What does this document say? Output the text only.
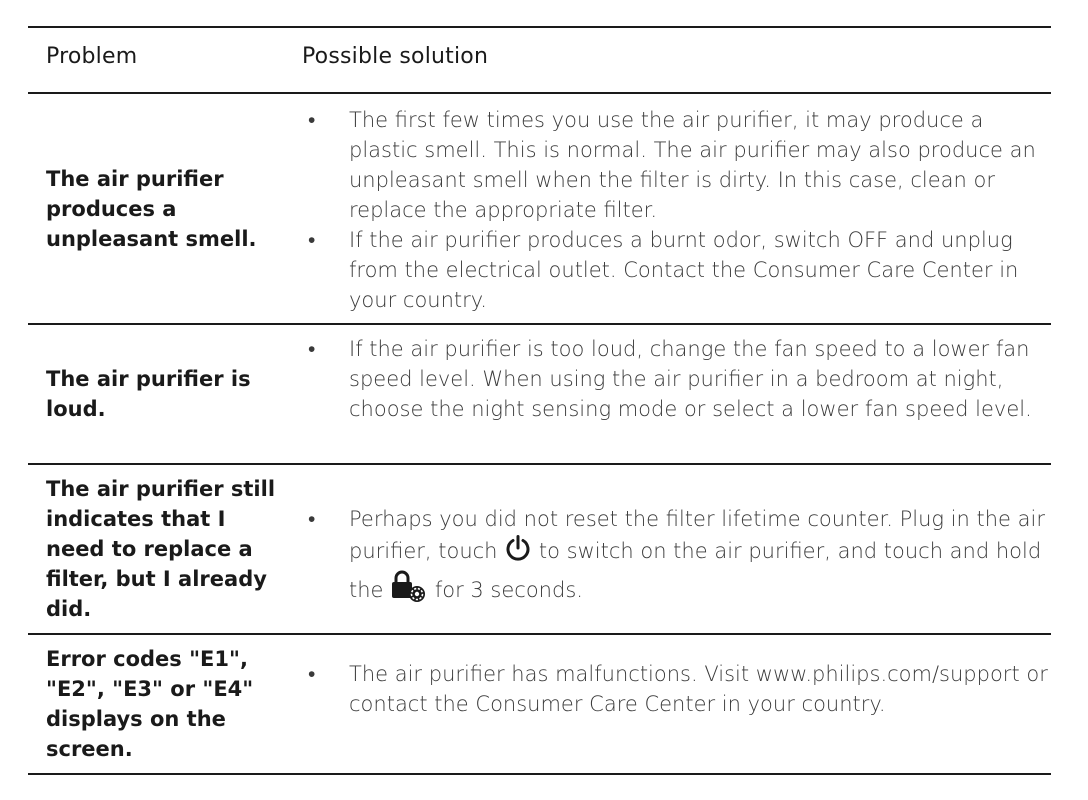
Problem	Possible solution
The air purifier produces a unpleasant smell.
•	The first few times you use the air purifier, it may produce a plastic smell. This is normal. The air purifier may also produce an unpleasant smell when the filter is dirty. In this case, clean or replace the appropriate filter.
•	If the air purifier produces a burnt odor, switch OFF and unplug from the electrical outlet. Contact the Consumer Care Center in your country.
The air purifier is loud.
•	If the air purifier is too loud, change the fan speed to a lower fan speed level. When using the air purifier in a bedroom at night, choose the night sensing mode or select a lower fan speed level.
The air purifier still indicates that I need to replace a filter, but I already did.
•	Perhaps you did not reset the filter lifetime counter. Plug in the air purifier, touch to switch on the air purifier, and touch and hold the for 3 seconds.
Error codes "E1", "E2", "E3" or "E4" displays on the screen.
•	The air purifier has malfunctions. Visit www.philips.com/support or contact the Consumer Care Center in your country.
